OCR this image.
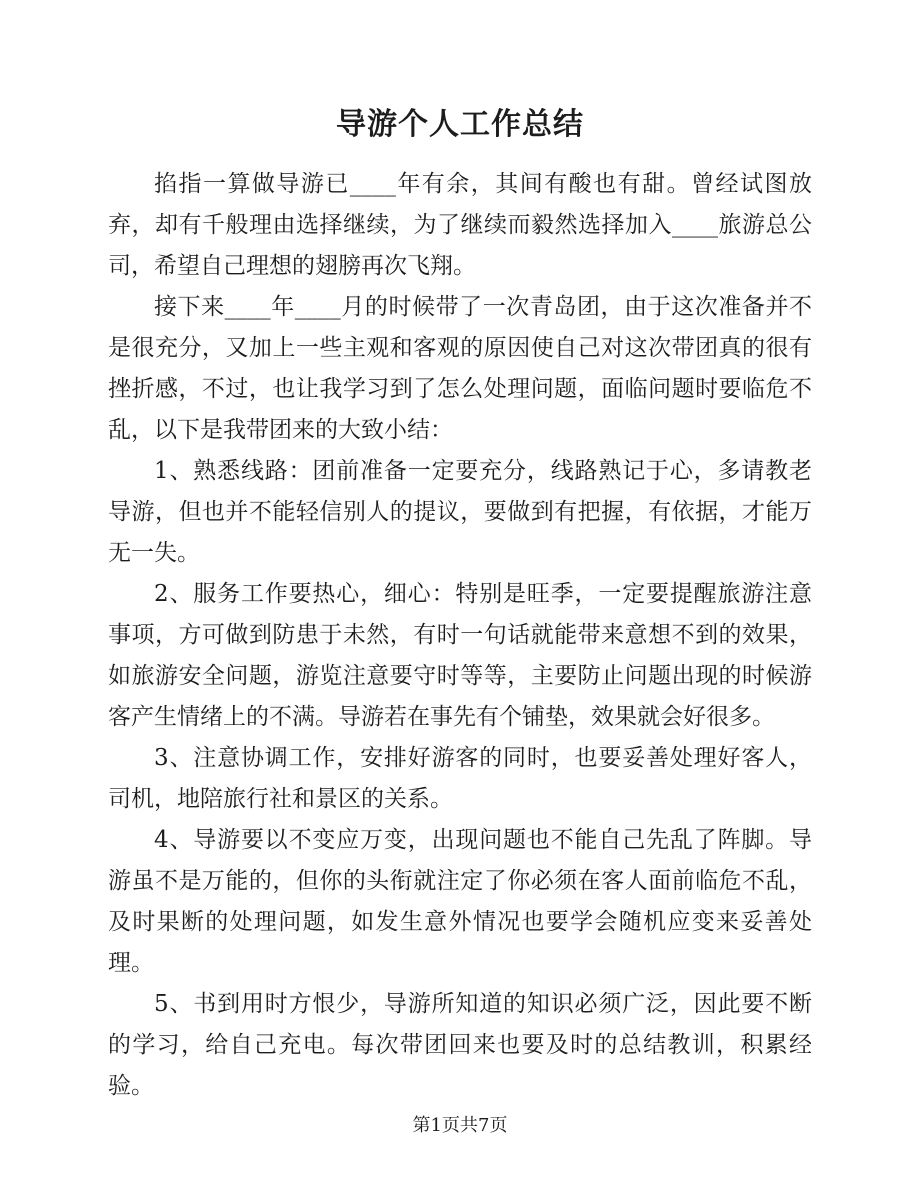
导游个人工作总结

掐指一算做导游已____年有余，其间有酸也有甜。曾经试图放弃，却有千般理由选择继续，为了继续而毅然选择加入____旅游总公司，希望自己理想的翅膀再次飞翔。

接下来____年____月的时候带了一次青岛团，由于这次准备并不是很充分，又加上一些主观和客观的原因使自己对这次带团真的很有挫折感，不过，也让我学习到了怎么处理问题，面临问题时要临危不乱，以下是我带团来的大致小结：

1、熟悉线路：团前准备一定要充分，线路熟记于心，多请教老导游，但也并不能轻信别人的提议，要做到有把握，有依据，才能万无一失。

2、服务工作要热心，细心：特别是旺季，一定要提醒旅游注意事项，方可做到防患于未然，有时一句话就能带来意想不到的效果，如旅游安全问题，游览注意要守时等等，主要防止问题出现的时候游客产生情绪上的不满。导游若在事先有个铺垫，效果就会好很多。

3、注意协调工作，安排好游客的同时，也要妥善处理好客人，司机，地陪旅行社和景区的关系。

4、导游要以不变应万变，出现问题也不能自己先乱了阵脚。导游虽不是万能的，但你的头衔就注定了你必须在客人面前临危不乱，及时果断的处理问题，如发生意外情况也要学会随机应变来妥善处理。

5、书到用时方恨少，导游所知道的知识必须广泛，因此要不断的学习，给自己充电。每次带团回来也要及时的总结教训，积累经验。

第1页共7页
